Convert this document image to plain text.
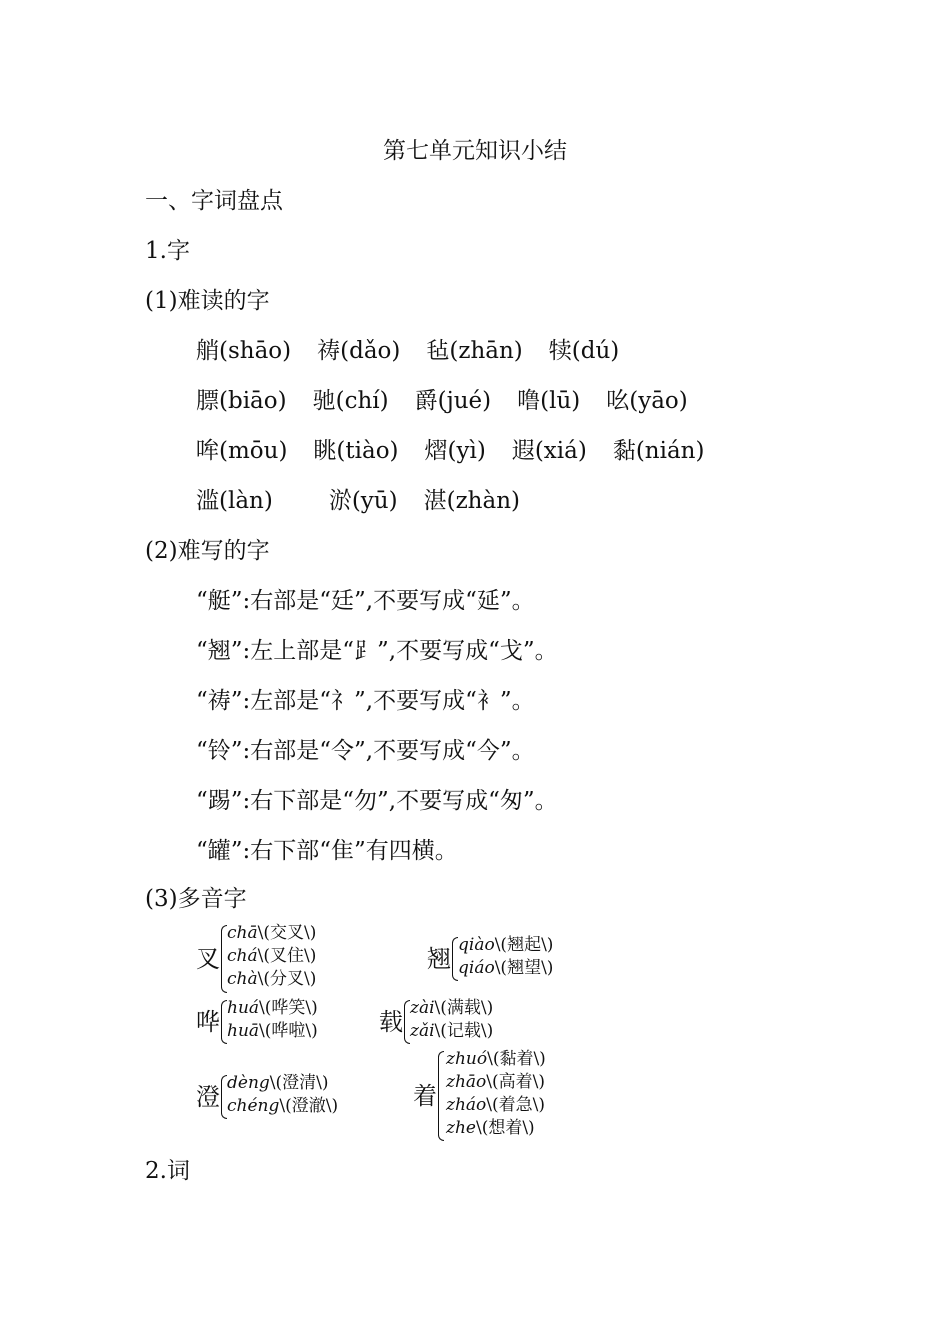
第七单元知识小结
一、字词盘点
1.字
(1)难读的字
艄(shāo) 祷(dǎo) 毡(zhān) 犊(dú)
膘(biāo) 驰(chí) 爵(jué) 噜(lū) 吆(yāo)
哞(mōu) 眺(tiào) 熠(yì) 遐(xiá) 黏(nián)
滥(làn) 淤(yū) 湛(zhàn)
(2)难写的字
“艇”:右部是“廷”,不要写成“延”。
“翘”:左上部是“⻊”,不要写成“戈”。
“祷”:左部是“礻”,不要写成“衤”。
“铃”:右部是“令”,不要写成“今”。
“踢”:右下部是“勿”,不要写成“匆”。
“罐”:右下部“隹”有四横。
(3)多音字
叉
chā\(交叉\)
chá\(叉住\)
chà\(分叉\)
翘 qiào\(翘起\)
qiáo\(翘望\)
哗 huá\(哗笑\)
huā\(哗啦\)	载 zài\(满载\)
zǎi\(记载\)
澄 dèng\(澄清\)
chéng\(澄澈\)	着
zhuó\(黏着\)
zhāo\(高着\)
zháo\(着急\)
zhe\(想着\)
2.词
